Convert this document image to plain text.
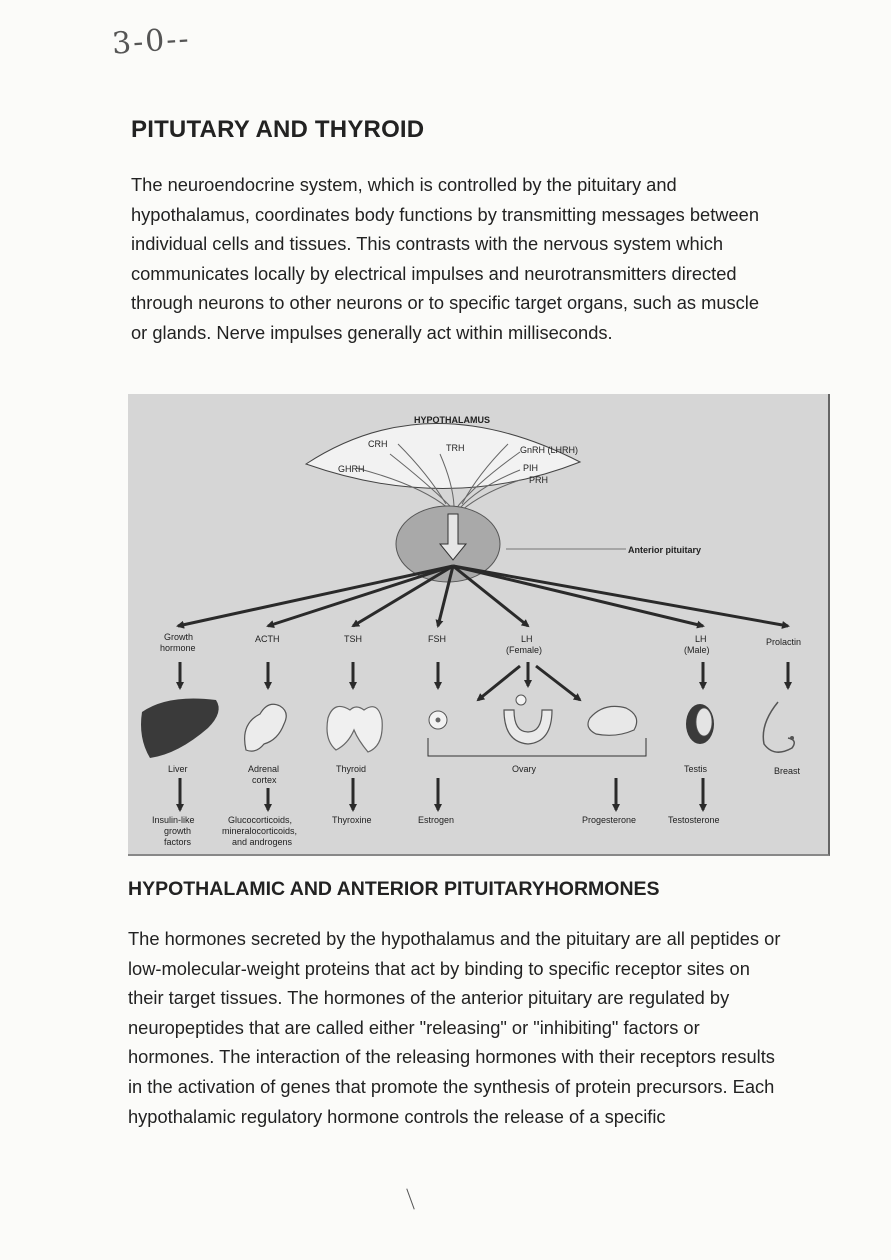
3-0--
PITUTARY AND THYROID

The neuroendocrine system, which is controlled by the pituitary and hypothalamus, coordinates body functions by transmitting messages between individual cells and tissues. This contrasts with the nervous system which communicates locally by electrical impulses and neurotransmitters directed through neurons to other neurons or to specific target organs, such as muscle or glands. Nerve impulses generally act within milliseconds.

HYPOTHALAMUS
CRH	TRH	GnRH (LHRH)
GHRH	PIH
PRH
Anterior pituitary
Growth
hormone
ACTH	TSH	FSH	LH
(Female)
LH
(Male)
Prolactin
Liver	Adrenal
cortex
Thyroid	Ovary	Testis	Breast
Insulin-like
growth
factors
Glucocorticoids,
mineralocorticoids,
and androgens
Thyroxine	Estrogen	Progesterone	Testosterone
HYPOTHALAMIC AND ANTERIOR PITUITARYHORMONES

The hormones secreted by the hypothalamus and the pituitary are all peptides or low-molecular-weight proteins that act by binding to specific receptor sites on their target tissues. The hormones of the anterior pituitary are regulated by neuropeptides that are called either "releasing" or "inhibiting" factors or hormones. The interaction of the releasing hormones with their receptors results in the activation of genes that promote the synthesis of protein precursors. Each hypothalamic regulatory hormone controls the release of a specific
